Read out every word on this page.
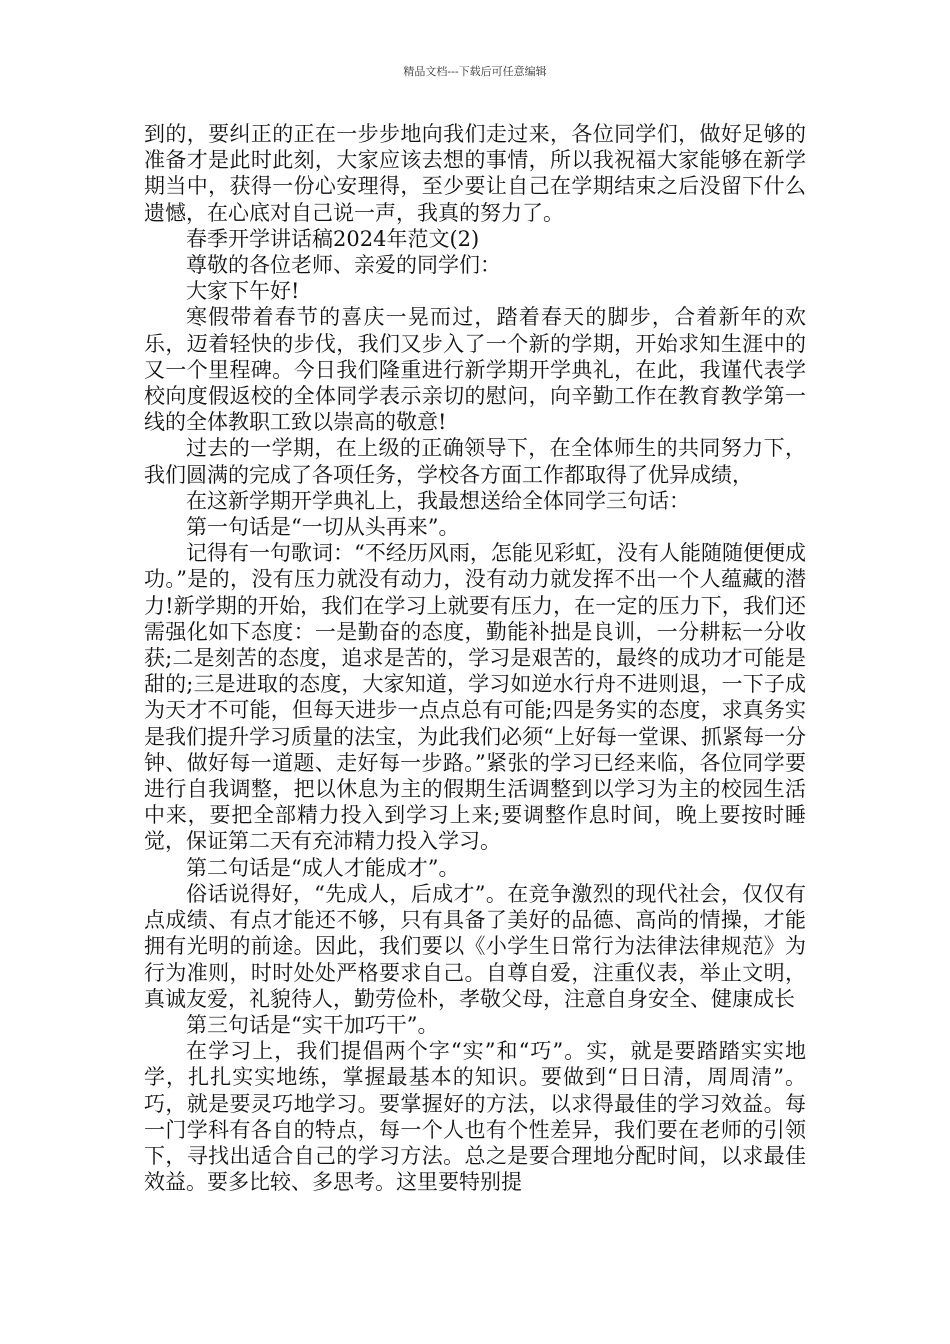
精品文档---下载后可任意编辑

到的，要纠正的正在一步步地向我们走过来，各位同学们，做好足够的准备才是此时此刻，大家应该去想的事情，所以我祝福大家能够在新学期当中，获得一份心安理得，至少要让自己在学期结束之后没留下什么遗憾，在心底对自己说一声，我真的努力了。

春季开学讲话稿2024年范文(2)

尊敬的各位老师、亲爱的同学们：

大家下午好!

寒假带着春节的喜庆一晃而过，踏着春天的脚步，合着新年的欢乐，迈着轻快的步伐，我们又步入了一个新的学期，开始求知生涯中的又一个里程碑。今日我们隆重进行新学期开学典礼，在此，我谨代表学校向度假返校的全体同学表示亲切的慰问，向辛勤工作在教育教学第一线的全体教职工致以崇高的敬意!

过去的一学期，在上级的正确领导下，在全体师生的共同努力下，我们圆满的完成了各项任务，学校各方面工作都取得了优异成绩，

在这新学期开学典礼上，我最想送给全体同学三句话：

第一句话是“一切从头再来”。

记得有一句歌词：“不经历风雨，怎能见彩虹，没有人能随随便便成功。”是的，没有压力就没有动力，没有动力就发挥不出一个人蕴藏的潜力!新学期的开始，我们在学习上就要有压力，在一定的压力下，我们还需强化如下态度：一是勤奋的态度，勤能补拙是良训，一分耕耘一分收获;二是刻苦的态度，追求是苦的，学习是艰苦的，最终的成功才可能是甜的;三是进取的态度，大家知道，学习如逆水行舟不进则退，一下子成为天才不可能，但每天进步一点点总有可能;四是务实的态度，求真务实是我们提升学习质量的法宝，为此我们必须“上好每一堂课、抓紧每一分钟、做好每一道题、走好每一步路。”紧张的学习已经来临，各位同学要进行自我调整，把以休息为主的假期生活调整到以学习为主的校园生活中来，要把全部精力投入到学习上来;要调整作息时间，晚上要按时睡觉，保证第二天有充沛精力投入学习。

第二句话是“成人才能成才”。

俗话说得好，“先成人，后成才”。在竞争激烈的现代社会，仅仅有点成绩、有点才能还不够，只有具备了美好的品德、高尚的情操，才能拥有光明的前途。因此，我们要以《小学生日常行为法律法律规范》为行为准则，时时处处严格要求自己。自尊自爱，注重仪表，举止文明，真诚友爱，礼貌待人，勤劳俭朴，孝敬父母，注意自身安全、健康成长

第三句话是“实干加巧干”。

在学习上，我们提倡两个字“实”和“巧”。实，就是要踏踏实实地学，扎扎实实地练，掌握最基本的知识。要做到“日日清，周周清”。巧，就是要灵巧地学习。要掌握好的方法，以求得最佳的学习效益。每一门学科有各自的特点，每一个人也有个性差异，我们要在老师的引领下，寻找出适合自己的学习方法。总之是要合理地分配时间，以求最佳效益。要多比较、多思考。这里要特别提
